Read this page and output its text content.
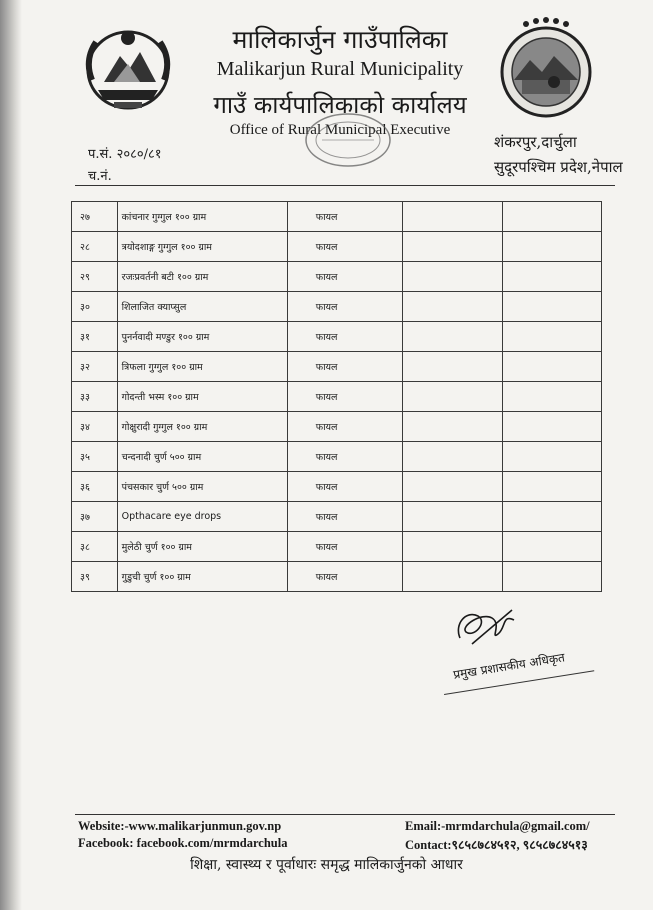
मालिकार्जुन गाउँपालिका
Malikarjun Rural Municipality
गाउँ कार्यपालिकाको कार्यालय
Office of Rural Municipal Executive
प.सं. २०८०/८१
च.नं.
शंकरपुर,दार्चुला
सुदूरपश्चिम प्रदेश,नेपाल
२७	कांचनार गुग्गुल १०० ग्राम	फायल		
२८	त्रयोदशाङ्ग गुग्गुल १०० ग्राम	फायल		
२९	रजःप्रवर्तनी बटी १०० ग्राम	फायल		
३०	शिलाजित क्याप्सुल	फायल		
३१	पुनर्नवादी मण्डुर १०० ग्राम	फायल		
३२	त्रिफला गुग्गुल १०० ग्राम	फायल		
३३	गोदन्ती भस्म १०० ग्राम	फायल		
३४	गोक्षुरादी गुग्गुल १०० ग्राम	फायल		
३५	चन्दनादी चुर्ण ५०० ग्राम	फायल		
३६	पंचसकार चुर्ण ५०० ग्राम	फायल		
३७	Opthacare eye drops	फायल		
३८	मुलेठी चुर्ण १०० ग्राम	फायल		
३९	गुडुची चुर्ण १०० ग्राम	फायल		
प्रमुख प्रशासकीय अधिकृत
Website:-www.malikarjunmun.gov.np
Facebook: facebook.com/mrmdarchula
Email:-mrmdarchula@gmail.com/
Contact:९८५८७८४५१२, ९८५८७८४५१३
शिक्षा, स्वास्थ्य र पूर्वाधारः समृद्ध मालिकार्जुनको आधार
